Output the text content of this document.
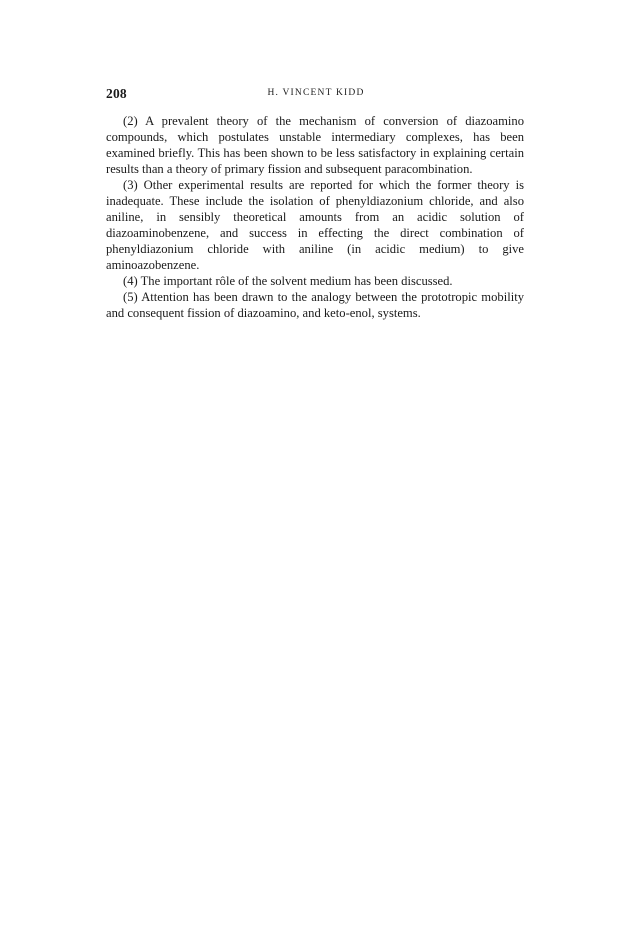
208	H. VINCENT KIDD

(2) A prevalent theory of the mechanism of conversion of diazoamino compounds, which postulates unstable intermediary complexes, has been examined briefly. This has been shown to be less satisfactory in explaining certain results than a theory of primary fission and subsequent paracombination.

(3) Other experimental results are reported for which the former theory is inadequate. These include the isolation of phenyldiazonium chloride, and also aniline, in sensibly theoretical amounts from an acidic solution of diazoaminobenzene, and success in effecting the direct combination of phenyldiazonium chloride with aniline (in acidic medium) to give aminoazobenzene.

(4) The important rôle of the solvent medium has been discussed.

(5) Attention has been drawn to the analogy between the prototropic mobility and consequent fission of diazoamino, and keto-enol, systems.
